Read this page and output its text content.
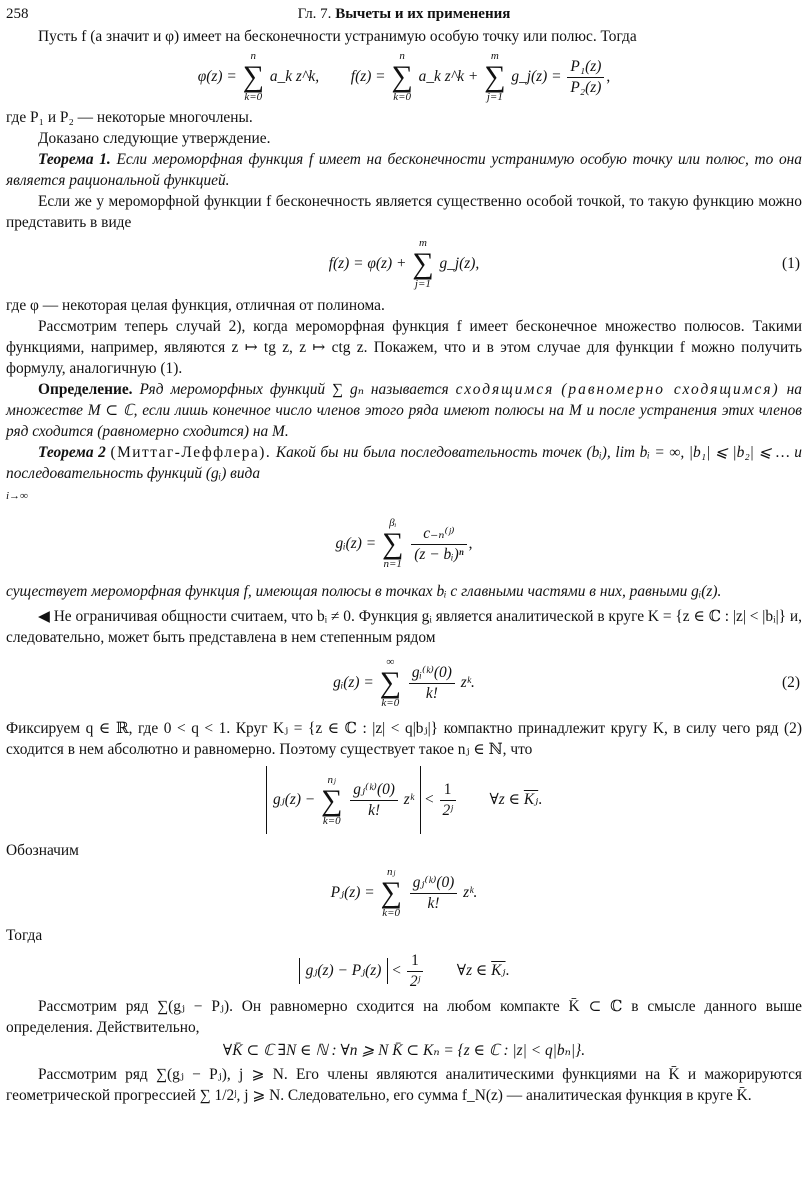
258	Гл. 7. Вычеты и их применения

Пусть f (а значит и φ) имеет на бесконечности устранимую особую точку или полюс. Тогда

φ(z) =
n
∑
k=0
a_k z^k, f(z) =
n
∑
k=0
a_k z^k +
m
∑
j=1
g_j(z) = $\frac{\text{P₁(z)}}{\text{P₂(z)}}$ ,

где P₁ и P₂ — некоторые многочлены.

Доказано следующие утверждение.

Теорема 1. Если мероморфная функция f имеет на бесконечности устранимую особую точку или полюс, то она является рациональной функцией.

Если же у мероморфной функции f бесконечность является существенно особой точкой, то такую функцию можно представить в виде

f(z) = φ(z) +
m
∑
j=1
g_j(z),	(1)

где φ — некоторая целая функция, отличная от полинома.

Рассмотрим теперь случай 2), когда мероморфная функция f имеет бесконечное множество полюсов. Такими функциями, например, являются z ↦ tg z, z ↦ ctg z. Покажем, что и в этом случае для функции f можно получить формулу, аналогичную (1).

Определение. Ряд мероморфных функций ∑ gₙ называется сходящимся (равномерно сходящимся) на множестве M ⊂ ℂ, если лишь конечное число членов этого ряда имеют полюсы на M и после устранения этих членов ряд сходится (равномерно сходится) на M.

Теорема 2 (Миттаг-Леффлера). Какой бы ни была последовательность точек (bᵢ), lim bᵢ = ∞, |b₁| ⩽ |b₂| ⩽ … и последовательность функций (gᵢ) вида
i→∞

gᵢ(z) =
βᵢ
∑
n=1
$\frac{\text{c₋ₙ⁽ʲ⁾}}{\text{(z − bᵢ)ⁿ}}$ ,

существует мероморфная функция f, имеющая полюсы в точках bᵢ с главными частями в них, равными gᵢ(z).

◀ Не ограничивая общности считаем, что bᵢ ≠ 0. Функция gᵢ является аналитической в круге K = {z ∈ ℂ : |z| < |bᵢ|} и, следовательно, может быть представлена в нем степенным рядом

gᵢ(z) =
∞
∑
k=0
$\frac{\text{gᵢ⁽ᵏ⁾(0)}}{k!}$ zᵏ.	(2)

Фиксируем q ∈ ℝ, где 0 < q < 1. Круг Kⱼ = {z ∈ ℂ : |z| < q|bⱼ|} компактно принадлежит кругу K, в силу чего ряд (2) сходится в нем абсолютно и равномерно. Поэтому существует такое nⱼ ∈ ℕ, что

gⱼ(z) −
nⱼ
∑
k=0
$\frac{\text{gⱼ⁽ᵏ⁾(0)}}{k!}$ zᵏ < $\frac{1}{\text{2ʲ}}$ ∀z ∈ $\overline{Kⱼ}$.

Обозначим

Pⱼ(z) =
nⱼ
∑
k=0
$\frac{\text{gⱼ⁽ᵏ⁾(0)}}{k!}$ zᵏ.

Тогда

gⱼ(z) − Pⱼ(z) < $\frac{1}{\text{2ʲ}}$ ∀z ∈ $\overline{Kⱼ}$.

Рассмотрим ряд ∑(gⱼ − Pⱼ). Он равномерно сходится на любом компакте K̄ ⊂ ℂ в смысле данного выше определения. Действительно,

∀K̄ ⊂ ℂ ∃N ∈ ℕ : ∀n ⩾ N K̄ ⊂ Kₙ = {z ∈ ℂ : |z| < q|bₙ|}.

Рассмотрим ряд ∑(gⱼ − Pⱼ), j ⩾ N. Его члены являются аналитическими функциями на K̄ и мажорируются геометрической прогрессией ∑ 1/2ʲ, j ⩾ N. Следовательно, его сумма f_N(z) — аналитическая функция в круге K̄.
